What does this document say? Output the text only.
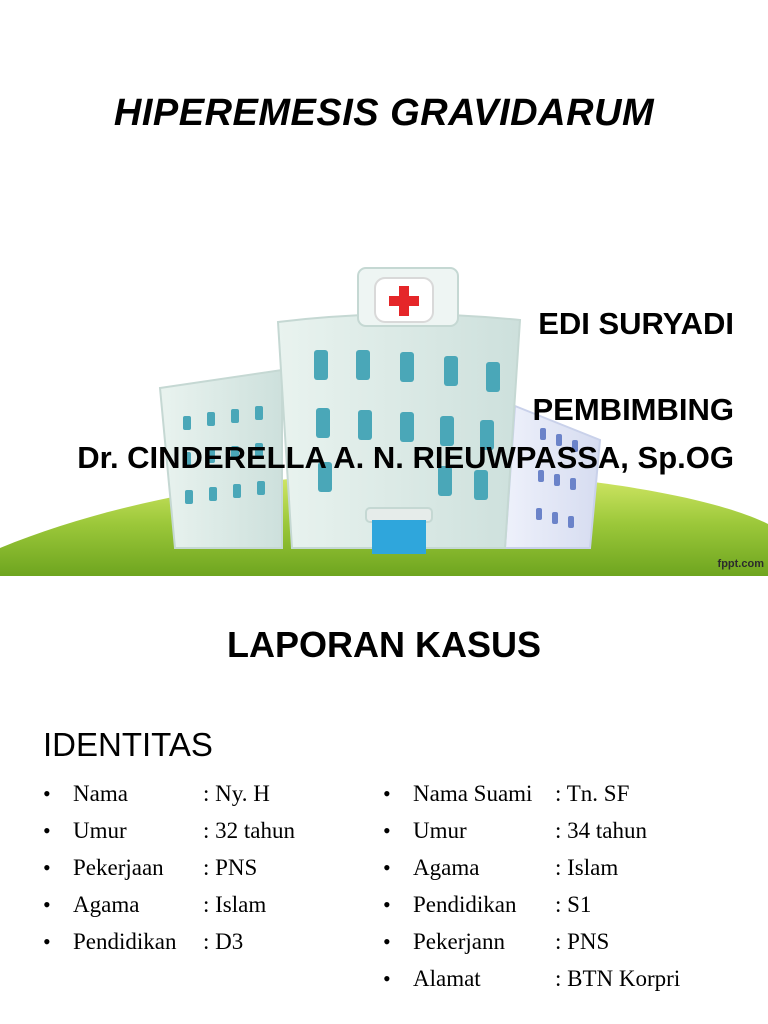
HIPEREMESIS GRAVIDARUM
EDI SURYADI
PEMBIMBING
Dr. CINDERELLA A. N. RIEUWPASSA, Sp.OG
fppt.com
LAPORAN KASUS
IDENTITAS
• Nama	: Ny. H
• Umur	: 32 tahun
• Pekerjaan	: PNS
• Agama	: Islam
• Pendidikan	: D3
• Nama Suami : Tn. SF
• Umur	: 34 tahun
• Agama	: Islam
• Pendidikan	: S1
• Pekerjann	: PNS
• Alamat	: BTN Korpri
